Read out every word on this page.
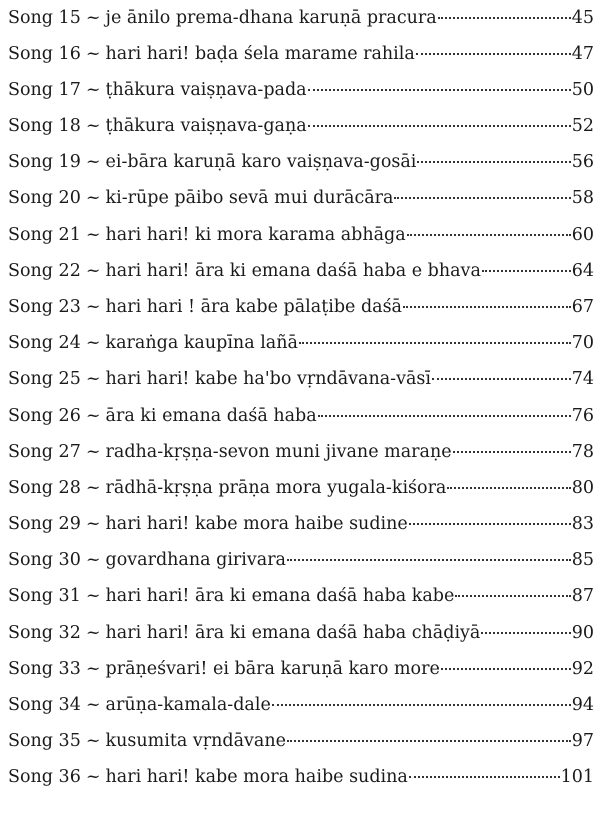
Song 15 ~ je ānilo prema-dhana karuṇā pracura	45
Song 16 ~ hari hari! baḍa śela marame rahila	47
Song 17 ~ ṭhākura vaiṣṇava-pada	50
Song 18 ~ ṭhākura vaiṣṇava-gaṇa	52
Song 19 ~ ei-bāra karuṇā karo vaiṣṇava-gosāi	56
Song 20 ~ ki-rūpe pāibo sevā mui durācāra	58
Song 21 ~ hari hari! ki mora karama abhāga	60
Song 22 ~ hari hari! āra ki emana daśā haba e bhava	64
Song 23 ~ hari hari ! āra kabe pālaṭibe daśā	67
Song 24 ~ karaṅga kaupīna lañā	70
Song 25 ~ hari hari! kabe ha'bo vṛndāvana-vāsī	74
Song 26 ~ āra ki emana daśā haba	76
Song 27 ~ radha-kṛṣṇa-sevon muni jivane maraṇe	78
Song 28 ~ rādhā-kṛṣṇa prāṇa mora yugala-kiśora	80
Song 29 ~ hari hari! kabe mora haibe sudine	83
Song 30 ~ govardhana girivara	85
Song 31 ~ hari hari! āra ki emana daśā haba kabe	87
Song 32 ~ hari hari! āra ki emana daśā haba chāḍiyā	90
Song 33 ~ prāṇeśvari! ei bāra karuṇā karo more	92
Song 34 ~ arūṇa-kamala-dale	94
Song 35 ~ kusumita vṛndāvane	97
Song 36 ~ hari hari! kabe mora haibe sudina	101
